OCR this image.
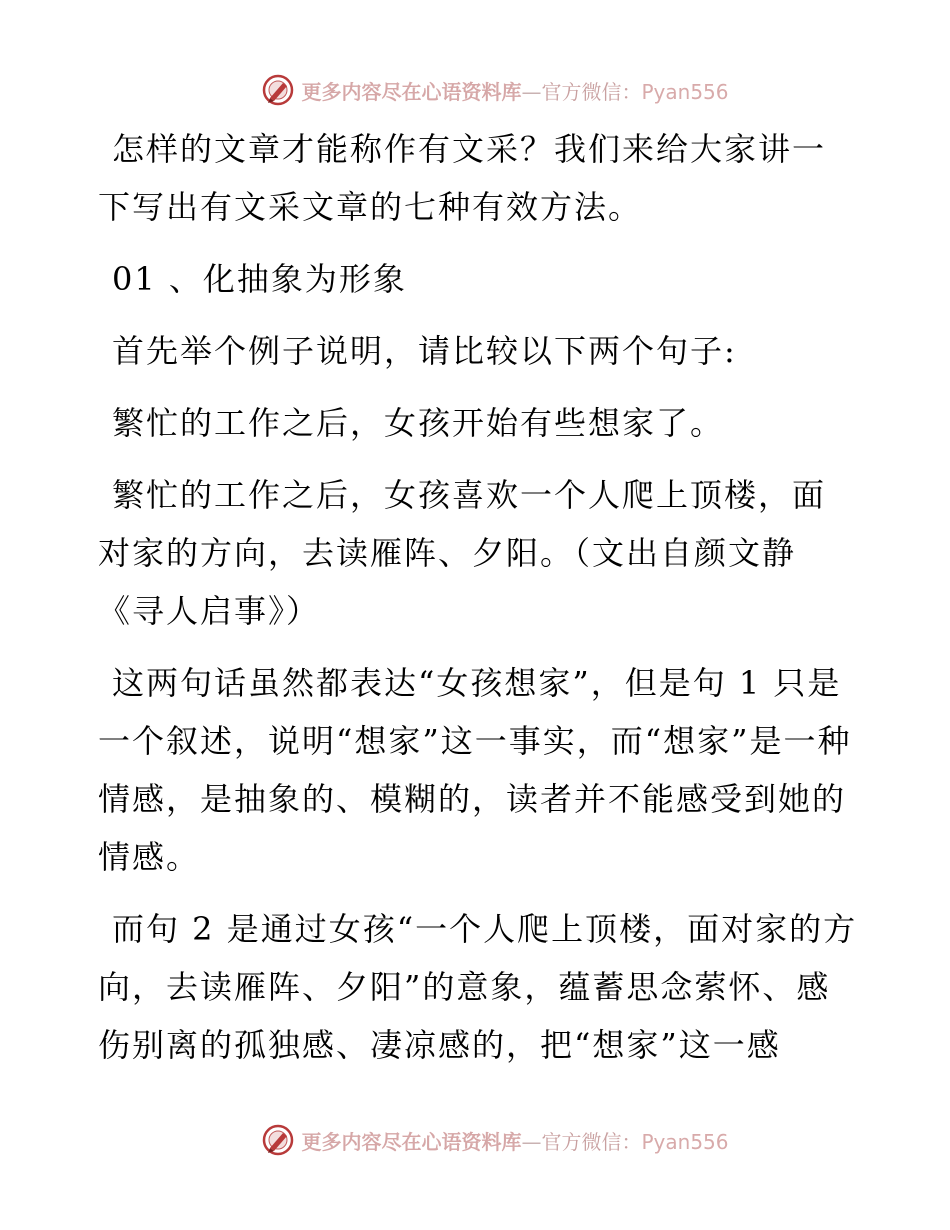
更多内容尽在心语资料库—官方微信：Pyan556

怎样的文章才能称作有文采？我们来给大家讲一下写出有文采文章的七种有效方法。

01 、化抽象为形象

首先举个例子说明，请比较以下两个句子:

繁忙的工作之后，女孩开始有些想家了。

繁忙的工作之后，女孩喜欢一个人爬上顶楼，面对家的方向，去读雁阵、夕阳。（文出自颜文静《寻人启事》）

这两句话虽然都表达“女孩想家”，但是句 1 只是一个叙述，说明“想家”这一事实，而“想家”是一种情感，是抽象的、模糊的，读者并不能感受到她的情感。

而句 2 是通过女孩“一个人爬上顶楼，面对家的方向，去读雁阵、夕阳”的意象，蕴蓄思念萦怀、感伤别离的孤独感、凄凉感的，把“想家”这一感

更多内容尽在心语资料库—官方微信：Pyan556
